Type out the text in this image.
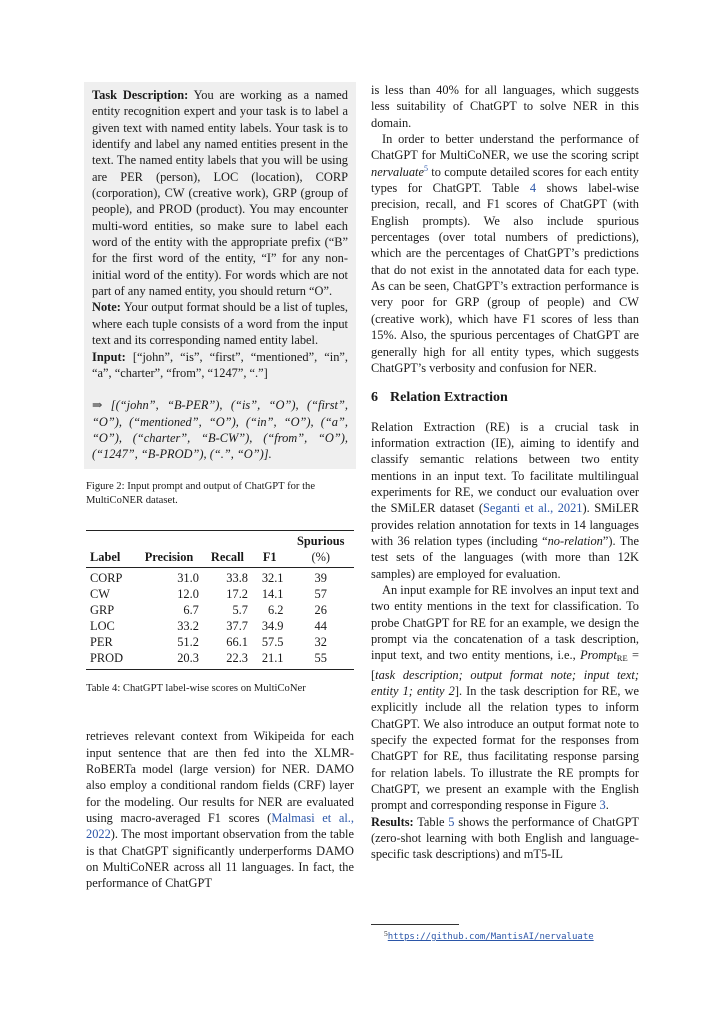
Task Description: You are working as a named entity recognition expert and your task is to label a given text with named entity labels. Your task is to identify and label any named entities present in the text. The named entity labels that you will be using are PER (person), LOC (location), CORP (corporation), CW (creative work), GRP (group of people), and PROD (product). You may encounter multi-word entities, so make sure to label each word of the entity with the appropriate prefix (“B” for the first word of the entity, “I” for any non-initial word of the entity). For words which are not part of any named entity, you should return “O”.

Note: Your output format should be a list of tuples, where each tuple consists of a word from the input text and its corresponding named entity label.

Input: [“john”, “is”, “first”, “mentioned”, “in”, “a”, “charter”, “from”, “1247”, “.”]

⇒ [(“john”, “B-PER”), (“is”, “O”), (“first”, “O”), (“mentioned”, “O”), (“in”, “O”), (“a”, “O”), (“charter”, “B-CW”), (“from”, “O”), (“1247”, “B-PROD”), (“.”, “O”)].

Figure 2: Input prompt and output of ChatGPT for the MultiCoNER dataset.

Label	Precision	Recall	F1	Spurious
(%)
CORP	31.0	33.8	32.1	39
CW	12.0	17.2	14.1	57
GRP	6.7	5.7	6.2	26
LOC	33.2	37.7	34.9	44
PER	51.2	66.1	57.5	32
PROD	20.3	22.3	21.1	55

Table 4: ChatGPT label-wise scores on MultiCoNer

retrieves relevant context from Wikipeida for each input sentence that are then fed into the XLMR-RoBERTa model (large version) for NER. DAMO also employ a conditional random fields (CRF) layer for the modeling. Our results for NER are evaluated using macro-averaged F1 scores (Malmasi et al., 2022). The most important observation from the table is that ChatGPT significantly underperforms DAMO on MultiCoNER across all 11 languages. In fact, the performance of ChatGPT

is less than 40% for all languages, which suggests less suitability of ChatGPT to solve NER in this domain.

In order to better understand the performance of ChatGPT for MultiCoNER, we use the scoring script nervaluate$^5$ to compute detailed scores for each entity types for ChatGPT. Table 4 shows label-wise precision, recall, and F1 scores of ChatGPT (with English prompts). We also include spurious percentages (over total numbers of predictions), which are the percentages of ChatGPT’s predictions that do not exist in the annotated data for each type. As can be seen, ChatGPT’s extraction performance is very poor for GRP (group of people) and CW (creative work), which have F1 scores of less than 15%. Also, the spurious percentages of ChatGPT are generally high for all entity types, which suggests ChatGPT’s verbosity and confusion for NER.

6 Relation Extraction

Relation Extraction (RE) is a crucial task in information extraction (IE), aiming to identify and classify semantic relations between two entity mentions in an input text. To facilitate multilingual experiments for RE, we conduct our evaluation over the SMiLER dataset (Seganti et al., 2021). SMiLER provides relation annotation for texts in 14 languages with 36 relation types (including “no-relation”). The test sets of the languages (with more than 12K samples) are employed for evaluation.

An input example for RE involves an input text and two entity mentions in the text for classification. To probe ChatGPT for RE for an example, we design the prompt via the concatenation of a task description, input text, and two entity mentions, i.e., Prompt$_{RE}$ = [task description; output format note; input text; entity 1; entity 2]. In the task description for RE, we explicitly include all the relation types to inform ChatGPT. We also introduce an output format note to specify the expected format for the responses from ChatGPT for RE, thus facilitating response parsing for relation labels. To illustrate the RE prompts for ChatGPT, we present an example with the English prompt and corresponding response in Figure 3.

Results: Table 5 shows the performance of ChatGPT (zero-shot learning with both English and language-specific task descriptions) and mT5-IL

$^5$https://github.com/MantisAI/nervaluate
